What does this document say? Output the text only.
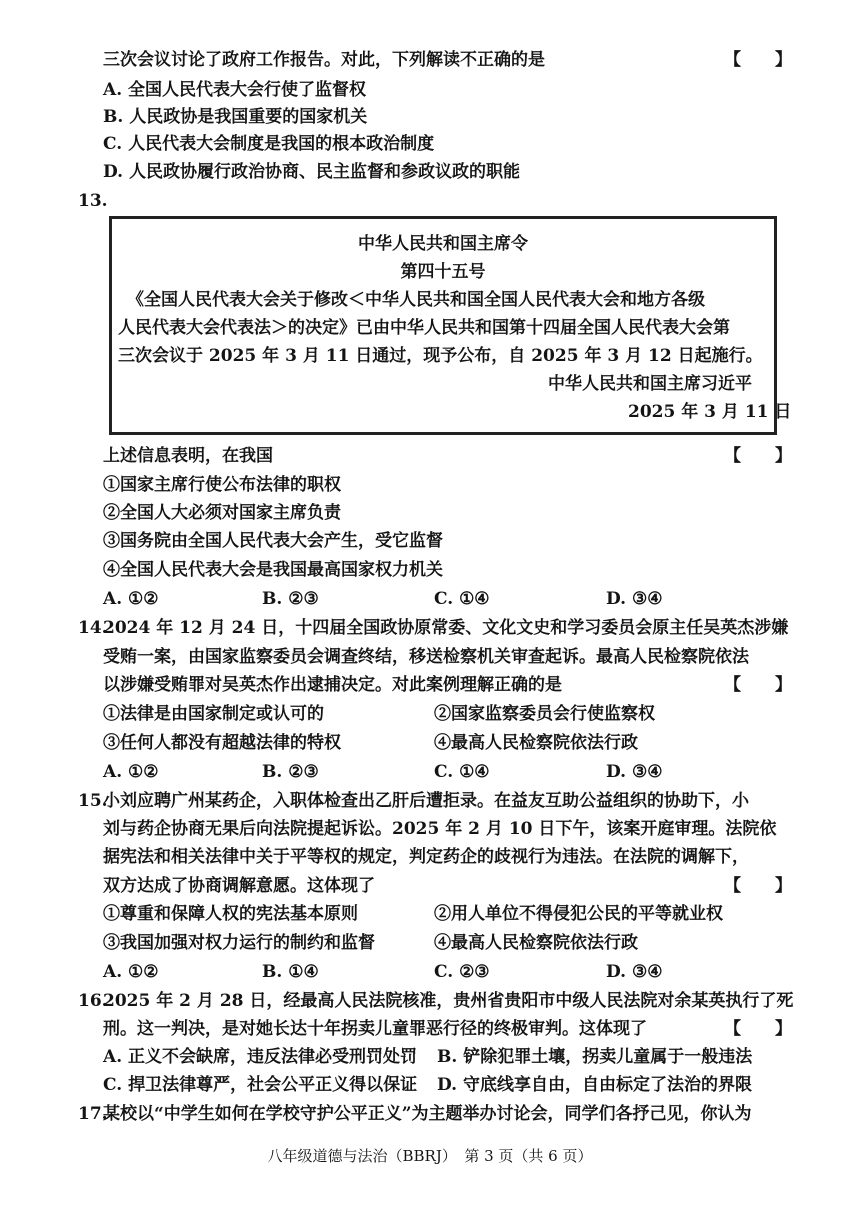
三次会议讨论了政府工作报告。对此，下列解读不正确的是	【　　】
A. 全国人民代表大会行使了监督权
B. 人民政协是我国重要的国家机关
C. 人民代表大会制度是我国的根本政治制度
D. 人民政协履行政治协商、民主监督和参政议政的职能
13.
中华人民共和国主席令
第四十五号
《全国人民代表大会关于修改＜中华人民共和国全国人民代表大会和地方各级
人民代表大会代表法＞的决定》已由中华人民共和国第十四届全国人民代表大会第
三次会议于 2025 年 3 月 11 日通过，现予公布，自 2025 年 3 月 12 日起施行。
中华人民共和国主席习近平
2025 年 3 月 11 日
上述信息表明，在我国	【　　】
①国家主席行使公布法律的职权
②全国人大必须对国家主席负责
③国务院由全国人民代表大会产生，受它监督
④全国人民代表大会是我国最高国家权力机关
A. ①②	B. ②③	C. ①④	D. ③④
14.
2024 年 12 月 24 日，十四届全国政协原常委、文化文史和学习委员会原主任吴英杰涉嫌
受贿一案，由国家监察委员会调查终结，移送检察机关审查起诉。最高人民检察院依法
以涉嫌受贿罪对吴英杰作出逮捕决定。对此案例理解正确的是	【　　】
①法律是由国家制定或认可的	②国家监察委员会行使监察权
③任何人都没有超越法律的特权	④最高人民检察院依法行政
A. ①②	B. ②③	C. ①④	D. ③④
15.
小刘应聘广州某药企，入职体检查出乙肝后遭拒录。在益友互助公益组织的协助下，小
刘与药企协商无果后向法院提起诉讼。2025 年 2 月 10 日下午，该案开庭审理。法院依
据宪法和相关法律中关于平等权的规定，判定药企的歧视行为违法。在法院的调解下，
双方达成了协商调解意愿。这体现了	【　　】
①尊重和保障人权的宪法基本原则	②用人单位不得侵犯公民的平等就业权
③我国加强对权力运行的制约和监督	④最高人民检察院依法行政
A. ①②	B. ①④	C. ②③	D. ③④
16.
2025 年 2 月 28 日，经最高人民法院核准，贵州省贵阳市中级人民法院对余某英执行了死
刑。这一判决，是对她长达十年拐卖儿童罪恶行径的终极审判。这体现了	【　　】
A. 正义不会缺席，违反法律必受刑罚处罚 B. 铲除犯罪土壤，拐卖儿童属于一般违法
C. 捍卫法律尊严，社会公平正义得以保证 D. 守底线享自由，自由标定了法治的界限
17.
某校以“中学生如何在学校守护公平正义”为主题举办讨论会，同学们各抒己见，你认为
八年级道德与法治（BBRJ）　第 3 页（共 6 页）
